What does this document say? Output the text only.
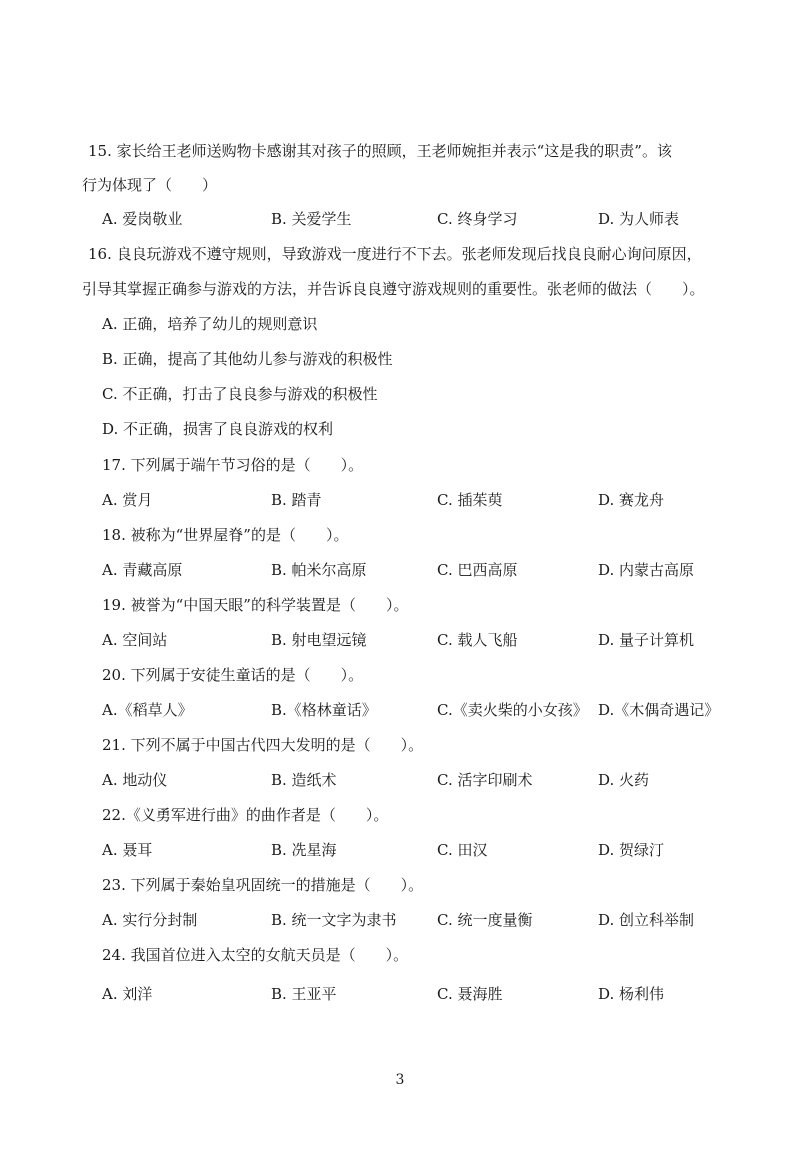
15. 家长给王老师送购物卡感谢其对孩子的照顾，王老师婉拒并表示“这是我的职责”。该
行为体现了（　　）
A. 爱岗敬业	B. 关爱学生	C. 终身学习	D. 为人师表
16. 良良玩游戏不遵守规则，导致游戏一度进行不下去。张老师发现后找良良耐心询问原因，
引导其掌握正确参与游戏的方法，并告诉良良遵守游戏规则的重要性。张老师的做法（　　）。
A. 正确，培养了幼儿的规则意识
B. 正确，提高了其他幼儿参与游戏的积极性
C. 不正确，打击了良良参与游戏的积极性
D. 不正确，损害了良良游戏的权利
17. 下列属于端午节习俗的是（　　）。
A. 赏月	B. 踏青	C. 插茱萸	D. 赛龙舟
18. 被称为“世界屋脊”的是（　　）。
A. 青藏高原	B. 帕米尔高原	C. 巴西高原	D. 内蒙古高原
19. 被誉为“中国天眼”的科学装置是（　　）。
A. 空间站	B. 射电望远镜	C. 载人飞船	D. 量子计算机
20. 下列属于安徒生童话的是（　　）。
A.《稻草人》	B.《格林童话》	C.《卖火柴的小女孩》 D.《木偶奇遇记》
21. 下列不属于中国古代四大发明的是（　　）。
A. 地动仪	B. 造纸术	C. 活字印刷术	D. 火药
22.《义勇军进行曲》的曲作者是（　　）。
A. 聂耳	B. 冼星海	C. 田汉	D. 贺绿汀
23. 下列属于秦始皇巩固统一的措施是（　　）。
A. 实行分封制	B. 统一文字为隶书	C. 统一度量衡	D. 创立科举制
24. 我国首位进入太空的女航天员是（　　）。
A. 刘洋	B. 王亚平	C. 聂海胜	D. 杨利伟
3
